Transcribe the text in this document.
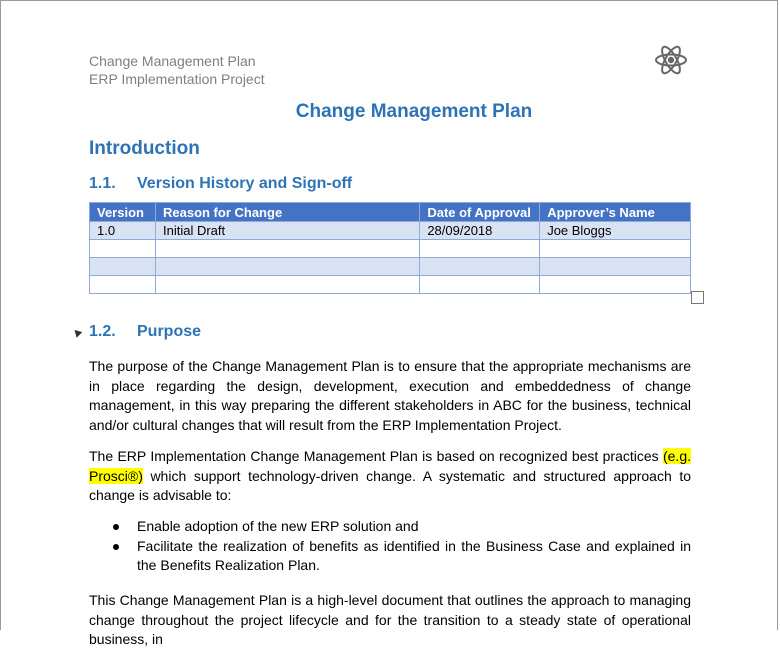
Change Management Plan
ERP Implementation Project
Change Management Plan
Introduction
1.1. Version History and Sign-off
Version	Reason for Change	Date of Approval	Approver’s Name
1.0	Initial Draft	28/09/2018	Joe Bloggs

1.2. Purpose
The purpose of the Change Management Plan is to ensure that the appropriate mechanisms are in place regarding the design, development, execution and embeddedness of change management, in this way preparing the different stakeholders in ABC for the business, technical and/or cultural changes that will result from the ERP Implementation Project.
The ERP Implementation Change Management Plan is based on recognized best practices (e.g. Prosci®) which support technology-driven change. A systematic and structured approach to change is advisable to:
Enable adoption of the new ERP solution and
Facilitate the realization of benefits as identified in the Business Case and explained in the Benefits Realization Plan.
This Change Management Plan is a high-level document that outlines the approach to managing change throughout the project lifecycle and for the transition to a steady state of operational business, in
